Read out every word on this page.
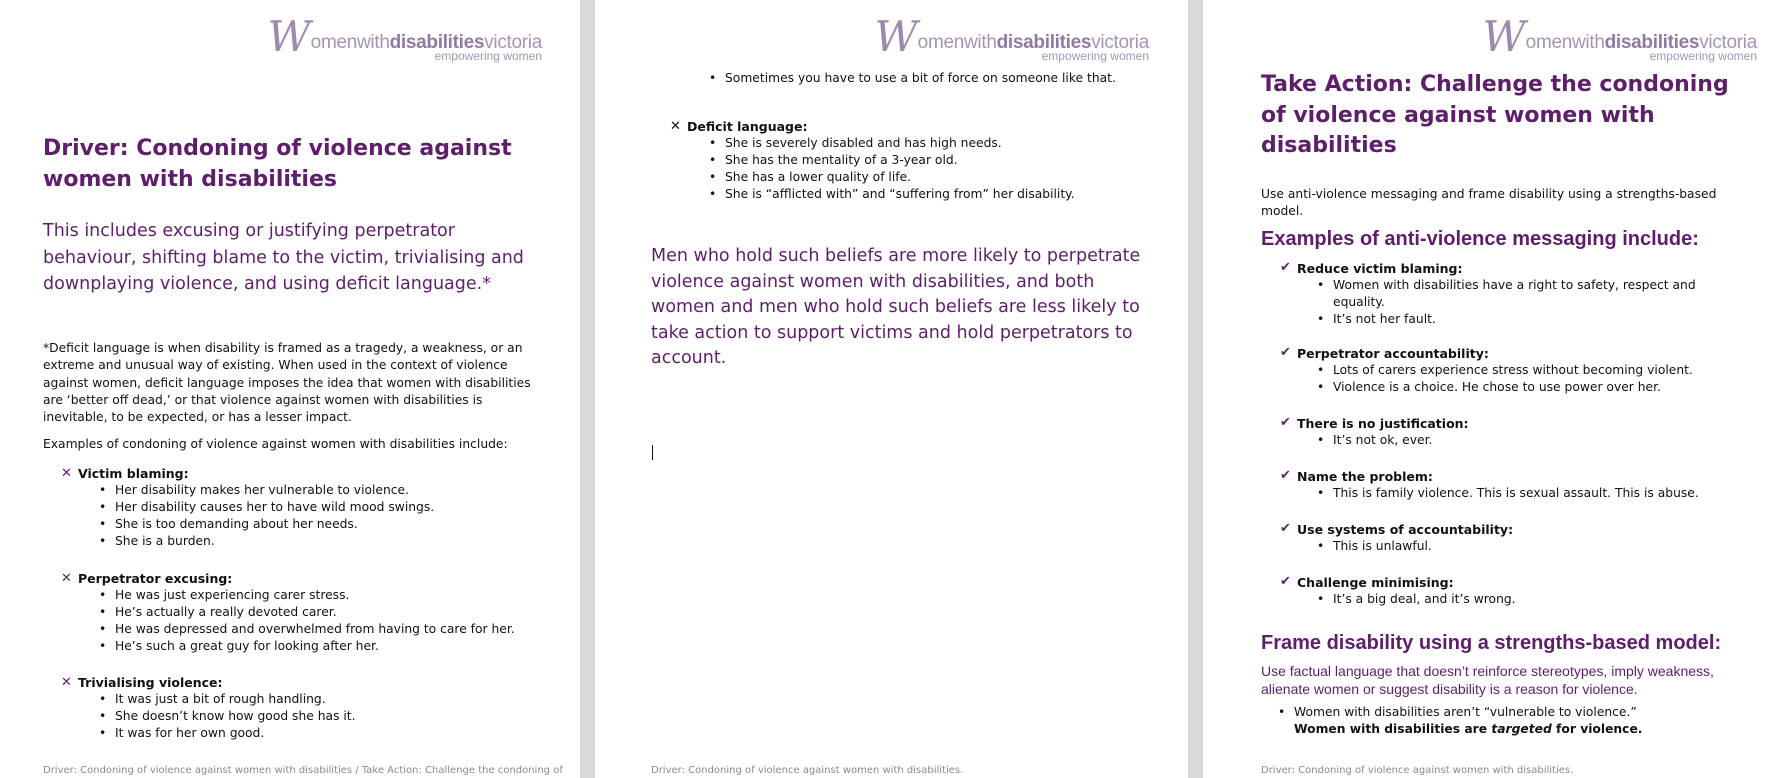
Womenwithdisabilitiesvictoria
empowering women
Driver: Condoning of violence against women with disabilities
This includes excusing or justifying perpetrator behaviour, shifting blame to the victim, trivialising and downplaying violence, and using deficit language.*
*Deficit language is when disability is framed as a tragedy, a weakness, or an extreme and unusual way of existing. When used in the context of violence against women, deficit language imposes the idea that women with disabilities are ‘better off dead,’ or that violence against women with disabilities is inevitable, to be expected, or has a lesser impact.
Examples of condoning of violence against women with disabilities include:
✕ Victim blaming:
• Her disability makes her vulnerable to violence.
• Her disability causes her to have wild mood swings.
• She is too demanding about her needs.
• She is a burden.
✕ Perpetrator excusing:
• He was just experiencing carer stress.
• He’s actually a really devoted carer.
• He was depressed and overwhelmed from having to care for her.
• He’s such a great guy for looking after her.
✕ Trivialising violence:
• It was just a bit of rough handling.
• She doesn’t know how good she has it.
• It was for her own good.
Driver: Condoning of violence against women with disabilities / Take Action: Challenge the condoning of
Womenwithdisabilitiesvictoria
empowering women
• Sometimes you have to use a bit of force on someone like that.
✕ Deficit language:
• She is severely disabled and has high needs.
• She has the mentality of a 3-year old.
• She has a lower quality of life.
• She is “afflicted with” and “suffering from” her disability.
Men who hold such beliefs are more likely to perpetrate violence against women with disabilities, and both women and men who hold such beliefs are less likely to take action to support victims and hold perpetrators to account.
Driver: Condoning of violence against women with disabilities.
Womenwithdisabilitiesvictoria
empowering women
Take Action: Challenge the condoning of violence against women with disabilities
Use anti-violence messaging and frame disability using a strengths-based model.
Examples of anti-violence messaging include:
✔ Reduce victim blaming:
• Women with disabilities have a right to safety, respect and equality.
• It’s not her fault.
✔ Perpetrator accountability:
• Lots of carers experience stress without becoming violent.
• Violence is a choice. He chose to use power over her.
✔ There is no justification:
• It’s not ok, ever.
✔ Name the problem:
• This is family violence. This is sexual assault. This is abuse.
✔ Use systems of accountability:
• This is unlawful.
✔ Challenge minimising:
• It’s a big deal, and it’s wrong.
Frame disability using a strengths-based model:
Use factual language that doesn’t reinforce stereotypes, imply weakness, alienate women or suggest disability is a reason for violence.
• Women with disabilities aren’t “vulnerable to violence.”
Women with disabilities are targeted for violence.
Driver: Condoning of violence against women with disabilities.
